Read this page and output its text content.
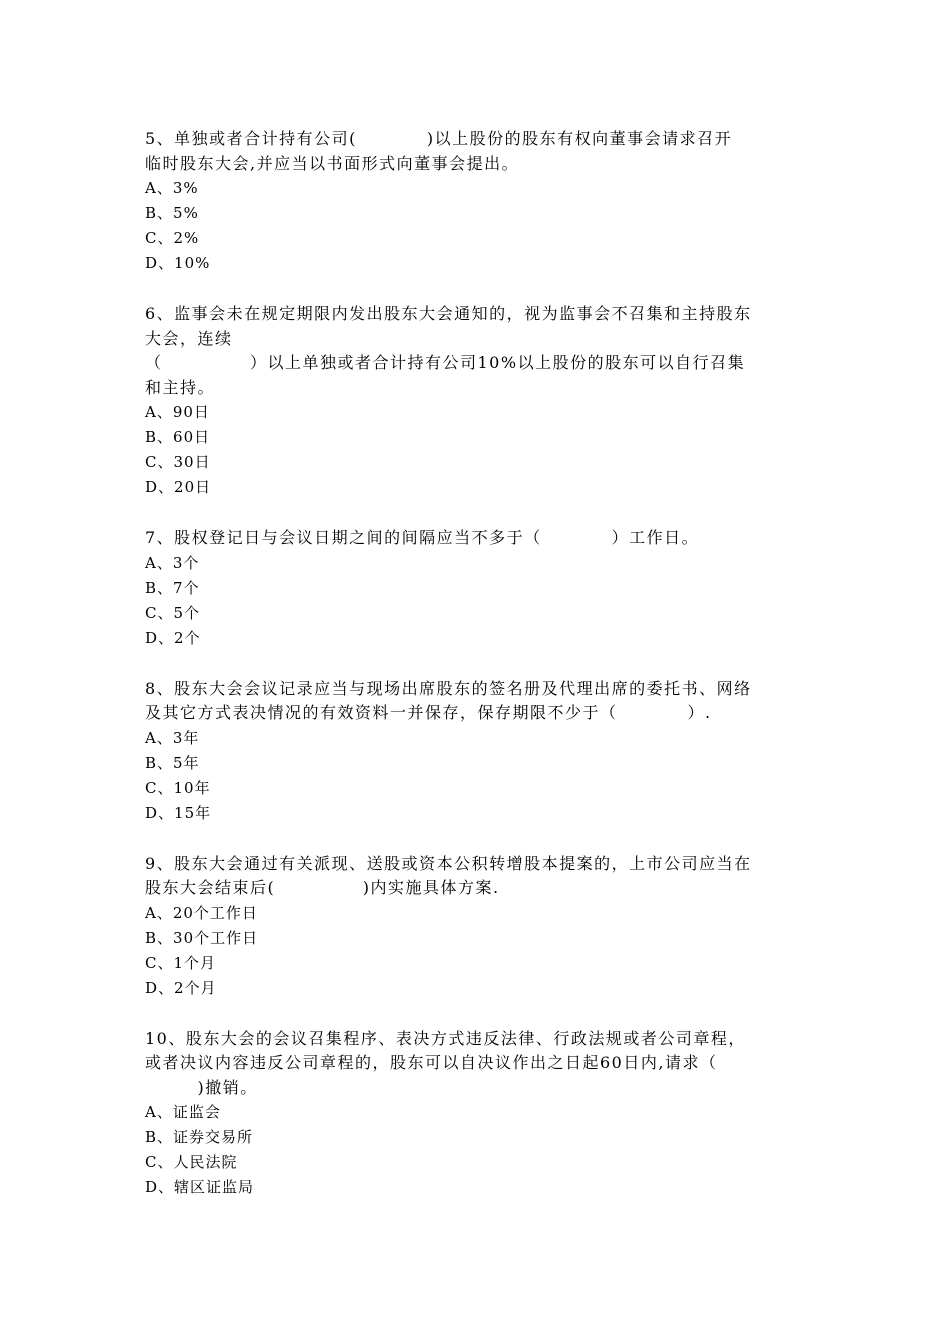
5、单独或者合计持有公司(　　　　)以上股份的股东有权向董事会请求召开
临时股东大会,并应当以书面形式向董事会提出。
A、3%
B、5%
C、2%
D、10%
6、监事会未在规定期限内发出股东大会通知的，视为监事会不召集和主持股东
大会，连续
（　　　　　）以上单独或者合计持有公司10%以上股份的股东可以自行召集
和主持。
A、90日
B、60日
C、30日
D、20日
7、股权登记日与会议日期之间的间隔应当不多于（　　　　）工作日。
A、3个
B、7个
C、5个
D、2个
8、股东大会会议记录应当与现场出席股东的签名册及代理出席的委托书、网络
及其它方式表决情况的有效资料一并保存，保存期限不少于（　　　　）.
A、3年
B、5年
C、10年
D、15年
9、股东大会通过有关派现、送股或资本公积转增股本提案的，上市公司应当在
股东大会结束后(　　　　　)内实施具体方案.
A、20个工作日
B、30个工作日
C、1个月
D、2个月
10、股东大会的会议召集程序、表决方式违反法律、行政法规或者公司章程，
或者决议内容违反公司章程的，股东可以自决议作出之日起60日内,请求（
　　　)撤销。
A、证监会
B、证券交易所
C、人民法院
D、辖区证监局
